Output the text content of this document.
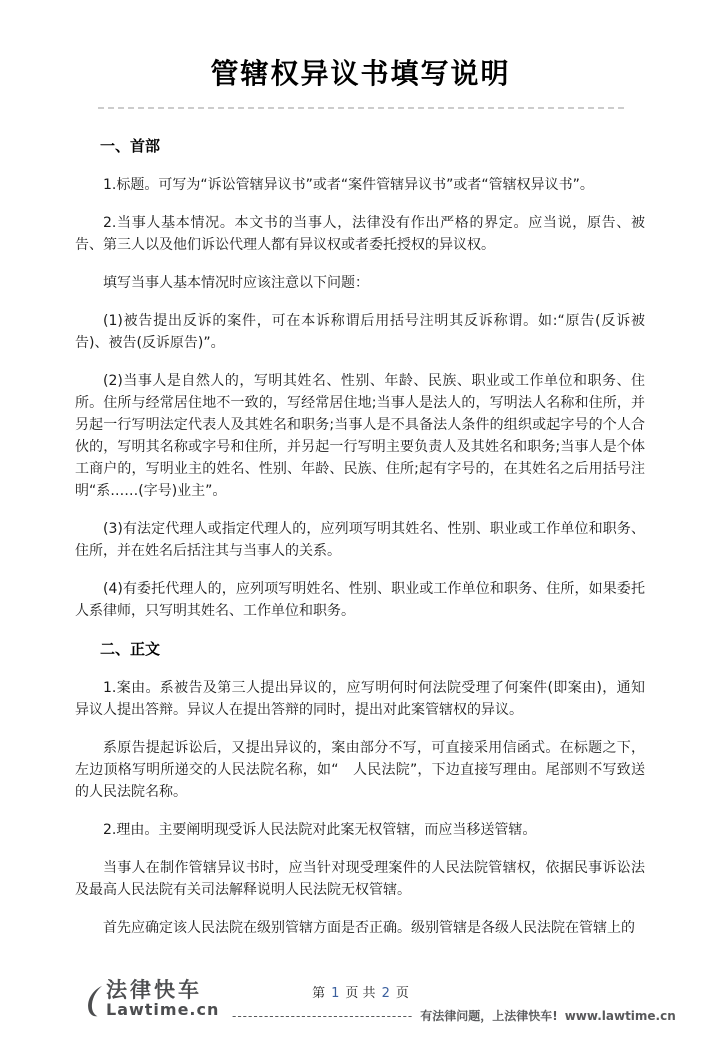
管辖权异议书填写说明
一、首部
1.标题。可写为“诉讼管辖异议书”或者“案件管辖异议书”或者“管辖权异议书”。
2.当事人基本情况。本文书的当事人，法律没有作出严格的界定。应当说，原告、被告、第三人以及他们诉讼代理人都有异议权或者委托授权的异议权。
填写当事人基本情况时应该注意以下问题：
(1)被告提出反诉的案件，可在本诉称谓后用括号注明其反诉称谓。如:“原告(反诉被告)、被告(反诉原告)”。
(2)当事人是自然人的，写明其姓名、性别、年龄、民族、职业或工作单位和职务、住所。住所与经常居住地不一致的，写经常居住地;当事人是法人的，写明法人名称和住所，并另起一行写明法定代表人及其姓名和职务;当事人是不具备法人条件的组织或起字号的个人合伙的，写明其名称或字号和住所，并另起一行写明主要负责人及其姓名和职务;当事人是个体工商户的，写明业主的姓名、性别、年龄、民族、住所;起有字号的，在其姓名之后用括号注明“系……(字号)业主”。
(3)有法定代理人或指定代理人的，应列项写明其姓名、性别、职业或工作单位和职务、住所，并在姓名后括注其与当事人的关系。
(4)有委托代理人的，应列项写明姓名、性别、职业或工作单位和职务、住所，如果委托人系律师，只写明其姓名、工作单位和职务。
二、正文
1.案由。系被告及第三人提出异议的，应写明何时何法院受理了何案件(即案由)，通知异议人提出答辩。异议人在提出答辩的同时，提出对此案管辖权的异议。
系原告提起诉讼后，又提出异议的，案由部分不写，可直接采用信函式。在标题之下，左边顶格写明所递交的人民法院名称，如“　人民法院”，下边直接写理由。尾部则不写致送的人民法院名称。
2.理由。主要阐明现受诉人民法院对此案无权管辖，而应当移送管辖。
当事人在制作管辖异议书时，应当针对现受理案件的人民法院管辖权，依据民事诉讼法及最高人民法院有关司法解释说明人民法院无权管辖。
首先应确定该人民法院在级别管辖方面是否正确。级别管辖是各级人民法院在管辖上的
法律快车
Lawtime.cn
第 1 页 共 2 页
---------------------------------- 有法律问题，上法律快车! www.lawtime.cn
